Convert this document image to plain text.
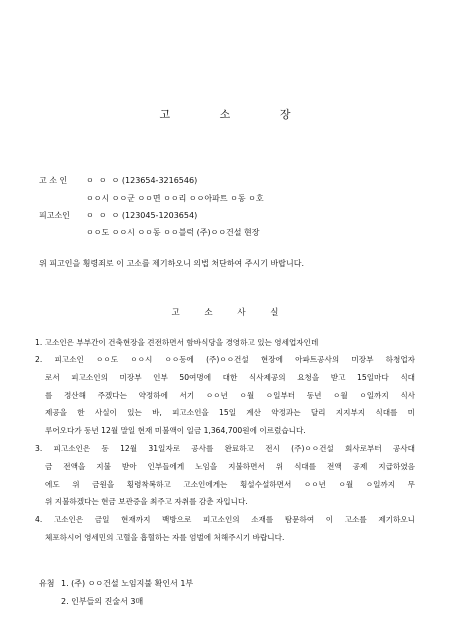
고	소	장
고 소 인 ㅇ  ㅇ  ㅇ (123654-3216546)
ㅇㅇ시 ㅇㅇ군 ㅇㅇ면 ㅇㅇ리 ㅇㅇ아파트 ㅇ동 ㅇ호
피고소인 ㅇ  ㅇ  ㅇ (123045-1203654)
ㅇㅇ도 ㅇㅇ시 ㅇㅇ동 ㅇㅇ블럭 (주)ㅇㅇ건설 현장
위 피고인을 횡령죄로 이 고소를 제기하오니 의법 처단하여 주시기 바랍니다.
고	소	사	실
1. 고소인은 부부간이 건축현장을 견전하면서 함바식당을 경영하고 있는 영세업자인데
2. 피고소인 ㅇㅇ도 ㅇㅇ시 ㅇㅇ동에 (주)ㅇㅇ건설 현장에 아파트공사의 미장부 하청업자
로서 피고소인의 미장부 인부 50여명에 대한 식사제공의 요청을 받고 15일마다 식대
를 정산해 주겠다는 약정하에 서기 ㅇㅇ년 ㅇ월 ㅇ일부터 동년 ㅇ월 ㅇ일까지 식사
제공을 한 사실이 있는 바, 피고소인을 15일 계산 약정과는 달리 지지부지 식대를 미
루어오다가 동년 12월 말일 현재 미불액이 일금 1,364,700원에 이르렀습니다.
3. 피고소인은 동 12월 31일자로 공사를 완료하고 전시 (주)ㅇㅇ건설 회사로부터 공사대
금 전액을 지불 받아 인부들에게 노임을 지불하면서 위 식대를 전액 공제 지급하였음
에도 위 금원을 횡령착복하고 고소인에게는 횡설수설하면서 ㅇㅇ년 ㅇ월 ㅇ일까지 무
위 지불하겠다는 현금 보관증을 최주고 자취를 감춘 자입니다.
4. 고소인은 금일 현재까지 백방으로 피고소인의 소재를 탐문하여 이 고소를 제기하오니
체포하시어 영세민의 고혈을 흡혈하는 자를 엄벌에 처해주시기 바랍니다.
유첨 1. (주) ㅇㅇ건설 노임지불 확인서 1부
2. 인부들의 진술서 3매
